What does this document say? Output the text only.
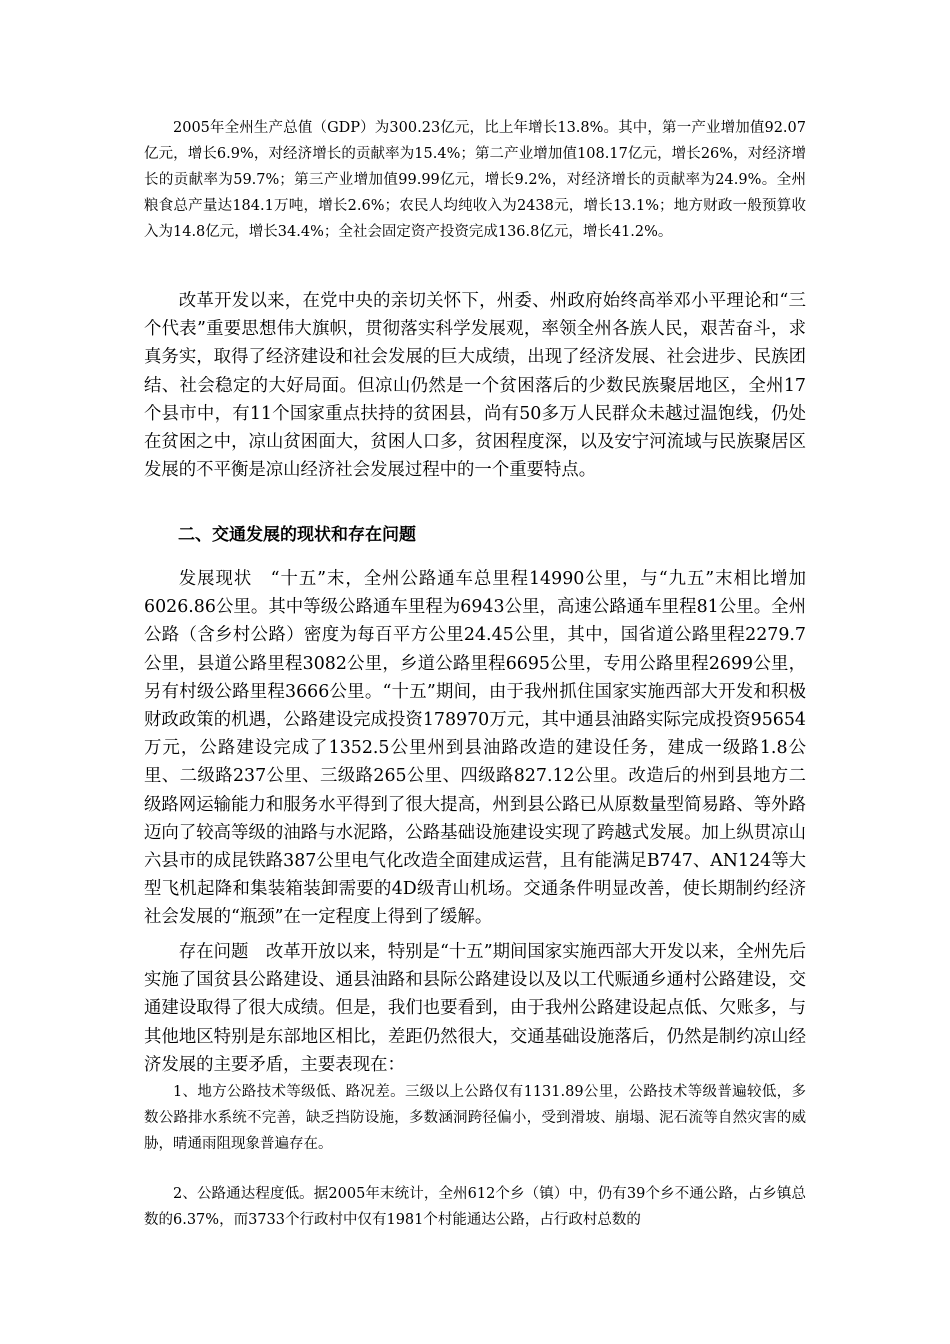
2005年全州生产总值（GDP）为300.23亿元，比上年增长13.8%。其中，第一产业增加值92.07亿元，增长6.9%，对经济增长的贡献率为15.4%；第二产业增加值108.17亿元，增长26%，对经济增长的贡献率为59.7%；第三产业增加值99.99亿元，增长9.2%，对经济增长的贡献率为24.9%。全州粮食总产量达184.1万吨，增长2.6%；农民人均纯收入为2438元，增长13.1%；地方财政一般预算收入为14.8亿元，增长34.4%；全社会固定资产投资完成136.8亿元，增长41.2%。

改革开发以来，在党中央的亲切关怀下，州委、州政府始终高举邓小平理论和“三个代表”重要思想伟大旗帜，贯彻落实科学发展观，率领全州各族人民，艰苦奋斗，求真务实，取得了经济建设和社会发展的巨大成绩，出现了经济发展、社会进步、民族团结、社会稳定的大好局面。但凉山仍然是一个贫困落后的少数民族聚居地区，全州17个县市中，有11个国家重点扶持的贫困县，尚有50多万人民群众未越过温饱线，仍处在贫困之中，凉山贫困面大，贫困人口多，贫困程度深，以及安宁河流域与民族聚居区发展的不平衡是凉山经济社会发展过程中的一个重要特点。

二、交通发展的现状和存在问题

发展现状　“十五”末，全州公路通车总里程14990公里，与“九五”末相比增加6026.86公里。其中等级公路通车里程为6943公里，高速公路通车里程81公里。全州公路（含乡村公路）密度为每百平方公里24.45公里，其中，国省道公路里程2279.7公里，县道公路里程3082公里，乡道公路里程6695公里，专用公路里程2699公里，另有村级公路里程3666公里。“十五”期间，由于我州抓住国家实施西部大开发和积极财政政策的机遇，公路建设完成投资178970万元，其中通县油路实际完成投资95654万元，公路建设完成了1352.5公里州到县油路改造的建设任务，建成一级路1.8公里、二级路237公里、三级路265公里、四级路827.12公里。改造后的州到县地方二级路网运输能力和服务水平得到了很大提高，州到县公路已从原数量型简易路、等外路迈向了较高等级的油路与水泥路，公路基础设施建设实现了跨越式发展。加上纵贯凉山六县市的成昆铁路387公里电气化改造全面建成运营，且有能满足B747、AN124等大型飞机起降和集装箱装卸需要的4D级青山机场。交通条件明显改善，使长期制约经济社会发展的“瓶颈”在一定程度上得到了缓解。

存在问题　改革开放以来，特别是“十五”期间国家实施西部大开发以来，全州先后实施了国贫县公路建设、通县油路和县际公路建设以及以工代赈通乡通村公路建设，交通建设取得了很大成绩。但是，我们也要看到，由于我州公路建设起点低、欠账多，与其他地区特别是东部地区相比，差距仍然很大，交通基础设施落后，仍然是制约凉山经济发展的主要矛盾，主要表现在：

1、地方公路技术等级低、路况差。三级以上公路仅有1131.89公里，公路技术等级普遍较低，多数公路排水系统不完善，缺乏挡防设施，多数涵洞跨径偏小，受到滑坡、崩塌、泥石流等自然灾害的威胁，晴通雨阻现象普遍存在。

2、公路通达程度低。据2005年末统计，全州612个乡（镇）中，仍有39个乡不通公路，占乡镇总数的6.37%，而3733个行政村中仅有1981个村能通达公路，占行政村总数的
